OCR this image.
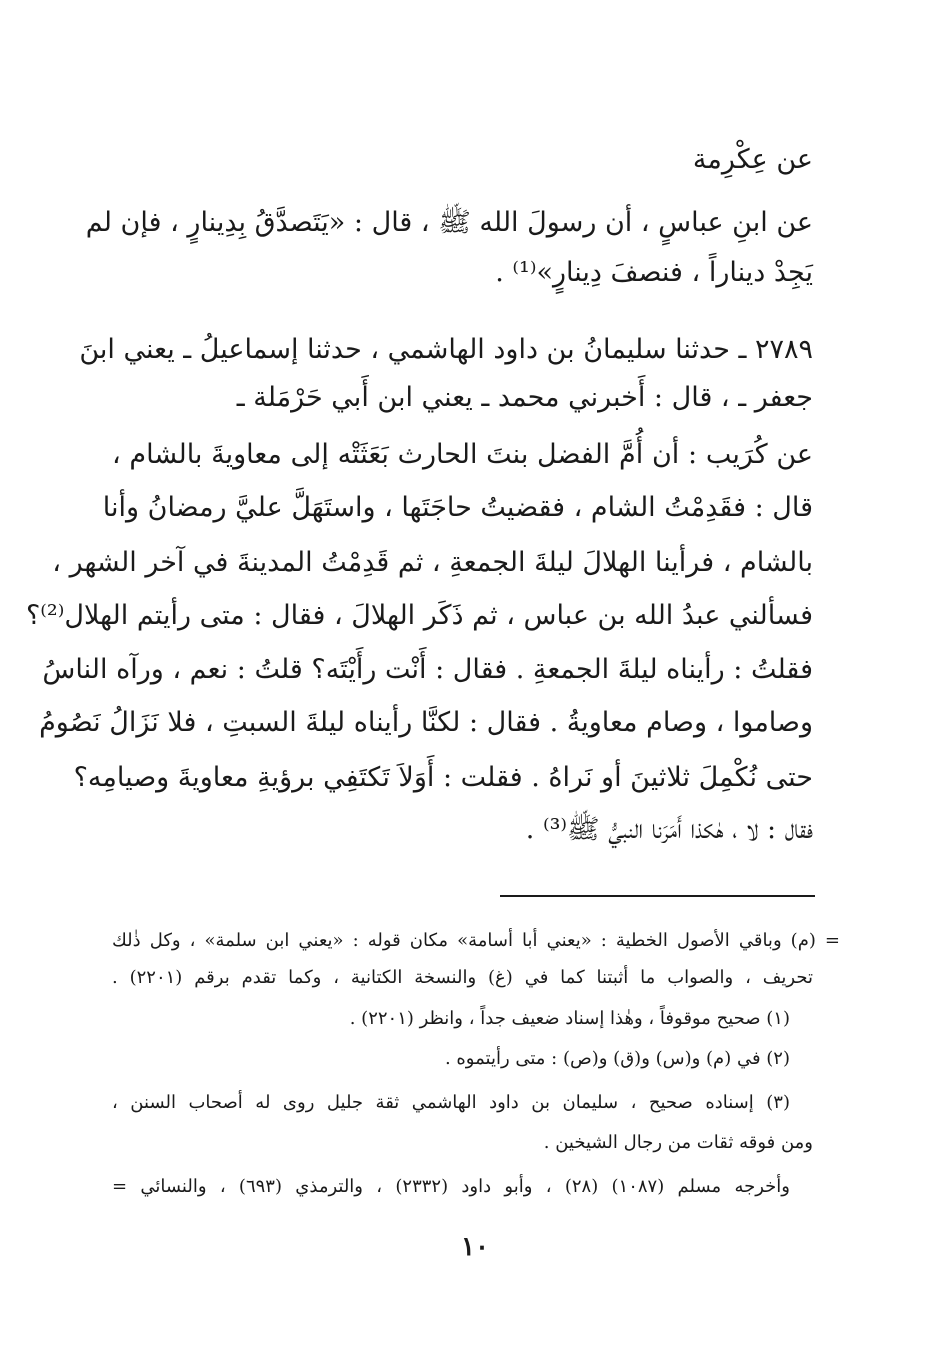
عن عِكْرِمة
عن ابنِ عباسٍ ، أن رسولَ الله ﷺ ، قال : «يَتَصدَّقُ بِدِينارٍ ، فإن لم
يَجِدْ ديناراً ، فنصفَ دِينارٍ»⁽¹⁾ .
٢٧٨٩ ـ حدثنا سليمانُ بن داود الهاشمي ، حدثنا إسماعيلُ ـ يعني ابنَ
جعفر ـ ، قال : أَخبرني محمد ـ يعني ابن أَبي حَرْمَلة ـ
عن كُرَيب : أن أُمَّ الفضل بنتَ الحارث بَعَثَتْه إلى معاويةَ بالشام ،
قال : فقَدِمْتُ الشام ، فقضيتُ حاجَتَها ، واستَهَلَّ عليَّ رمضانُ وأنا
بالشام ، فرأينا الهلالَ ليلةَ الجمعةِ ، ثم قَدِمْتُ المدينةَ في آخر الشهر ،
فسألني عبدُ الله بن عباس ، ثم ذَكَر الهلالَ ، فقال : متى رأيتم الهلال⁽²⁾؟
فقلتُ : رأيناه ليلةَ الجمعةِ . فقال : أَنْت رأَيْتَه؟ قلتُ : نعم ، ورآه الناسُ
وصاموا ، وصام معاويةُ . فقال : لكنَّا رأيناه ليلةَ السبتِ ، فلا نَزَالُ نَصُومُ
حتى نُكْمِلَ ثلاثينَ أو نَراهُ . فقلت : أَوَلاَ تَكتَفِي برؤيةِ معاويةَ وصيامِه؟
فقال : لا ، هٰكذا أَمَرَنا النبيُّ ﷺ⁽³⁾ .
= (م) وباقي الأصول الخطية : «يعني أبا أسامة» مكان قوله : «يعني ابن سلمة» ، وكل ذٰلك
تحريف ، والصواب ما أثبتنا كما في (غ) والنسخة الكتانية ، وكما تقدم برقم (٢٢٠١) .
(١) صحيح موقوفاً ، وهٰذا إسناد ضعيف جداً ، وانظر (٢٢٠١) .
(٢) في (م) و(س) و(ق) و(ص) : متى رأيتموه .
(٣) إسناده صحيح ، سليمان بن داود الهاشمي ثقة جليل روى له أصحاب السنن ،
ومن فوقه ثقات من رجال الشيخين .
وأخرجه مسلم (١٠٨٧) (٢٨) ، وأبو داود (٢٣٣٢) ، والترمذي (٦٩٣) ، والنسائي =
١٠
